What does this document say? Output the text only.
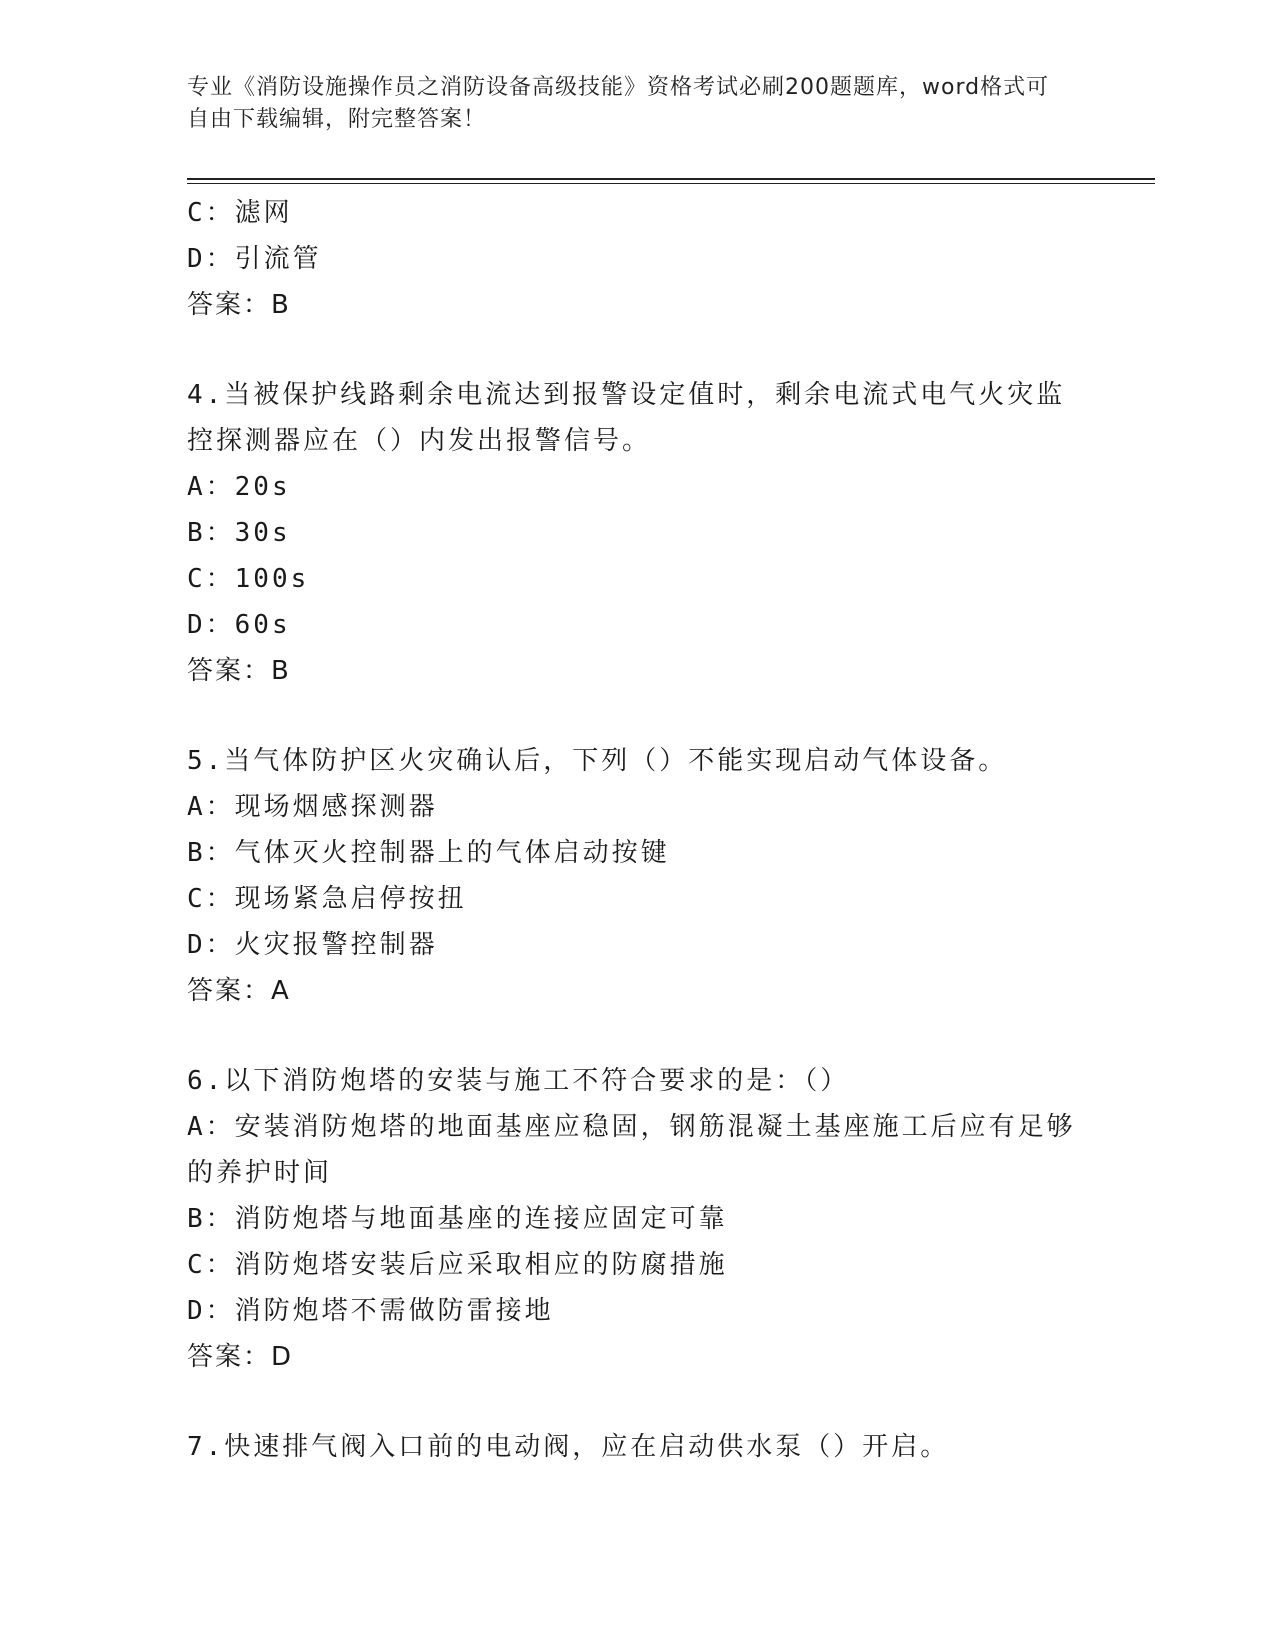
专业《消防设施操作员之消防设备高级技能》资格考试必刷200题题库，word格式可自由下载编辑，附完整答案！
C：滤网
D：引流管
答案：B
4.当被保护线路剩余电流达到报警设定值时，剩余电流式电气火灾监
控探测器应在（）内发出报警信号。
A：20s
B：30s
C：100s
D：60s
答案：B
5.当气体防护区火灾确认后，下列（）不能实现启动气体设备。
A：现场烟感探测器
B：气体灭火控制器上的气体启动按键
C：现场紧急启停按扭
D：火灾报警控制器
答案：A
6.以下消防炮塔的安装与施工不符合要求的是：（）
A：安装消防炮塔的地面基座应稳固，钢筋混凝土基座施工后应有足够
的养护时间
B：消防炮塔与地面基座的连接应固定可靠
C：消防炮塔安装后应采取相应的防腐措施
D：消防炮塔不需做防雷接地
答案：D
7.快速排气阀入口前的电动阀，应在启动供水泵（）开启。
